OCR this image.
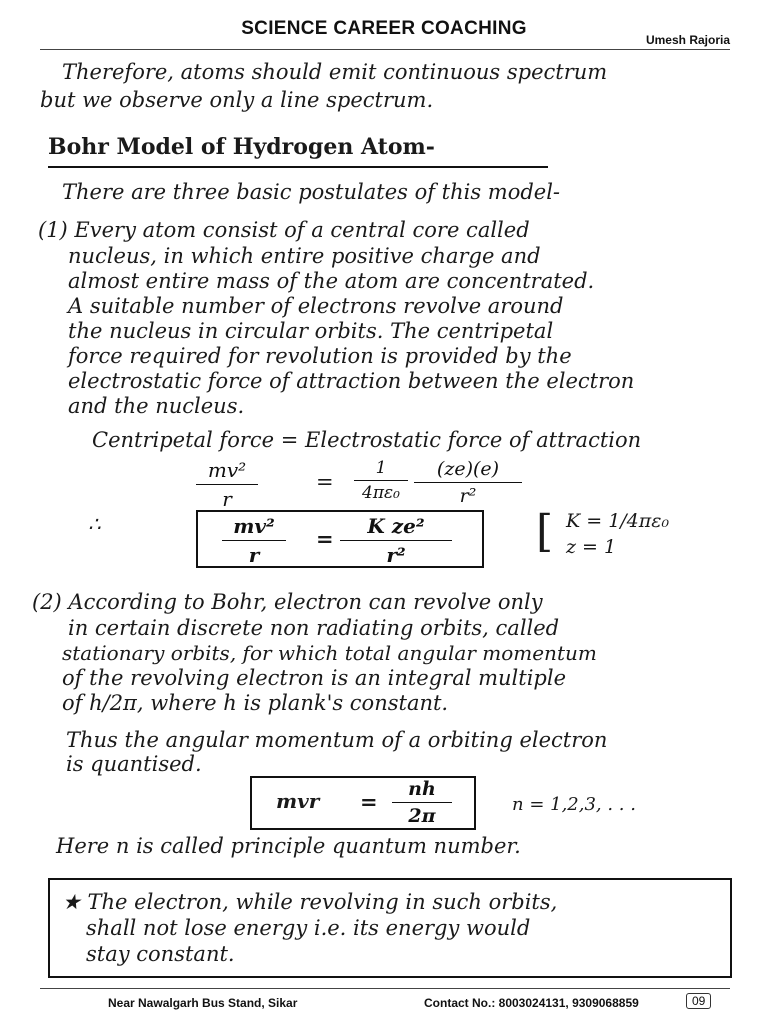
SCIENCE CAREER COACHING
Umesh Rajoria
Therefore, atoms should emit continuous spectrum
but we observe only a line spectrum.
Bohr Model of Hydrogen Atom-
There are three basic postulates of this model-
(1) Every atom consist of a central core called
nucleus, in which entire positive charge and
almost entire mass of the atom are concentrated.
A suitable number of electrons revolve around
the nucleus in circular orbits. The centripetal
force required for revolution is provided by the
electrostatic force of attraction between the electron
and the nucleus.
Centripetal force = Electrostatic force of attraction
mv²
r
=
1
4πε₀
(ze)(e)
r²
∴	mv²
r
=	K ze²
r²	[ K = 1/4πε₀
z = 1
(2) According to Bohr, electron can revolve only
in certain discrete non radiating orbits, called
stationary orbits, for which total angular momentum
of the revolving electron is an integral multiple
of h/2π, where h is plank's constant.
Thus the angular momentum of a orbiting electron
is quantised.
mvr =	nh
2π
n = 1,2,3, . . .
Here n is called principle quantum number.
★ The electron, while revolving in such orbits,
shall not lose energy i.e. its energy would
stay constant.
Near Nawalgarh Bus Stand, Sikar	Contact No.: 8003024131, 9309068859	09
